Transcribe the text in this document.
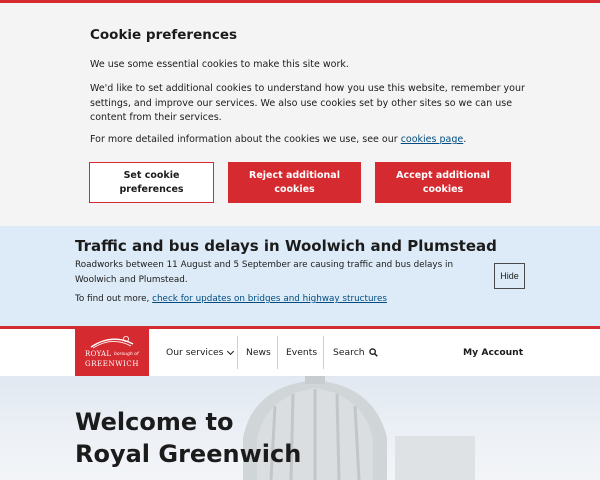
Cookie preferences

We use some essential cookies to make this site work.

We'd like to set additional cookies to understand how you use this website, remember your settings, and improve our services. We also use cookies set by other sites so we can use content from their services.

For more detailed information about the cookies we use, see our cookies page.

Set cookie preferences
Reject additional cookies
Accept additional cookies
Traffic and bus delays in Woolwich and Plumstead

Roadworks between 11 August and 5 September are causing traffic and bus delays in Woolwich and Plumstead.

To find out more, check for updates on bridges and highway structures

Hide
ROYAL borough of
GREENWICH
Our services News Events Search	My Account
Welcome to
Royal Greenwich
